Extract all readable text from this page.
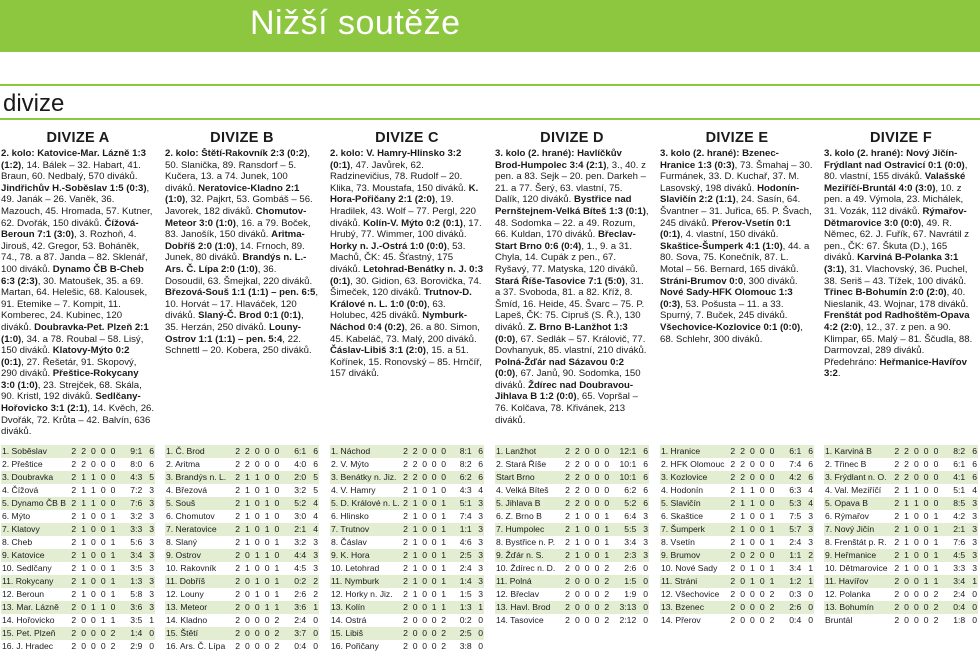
Nižší soutěže
divize
DIVIZE A
2. kolo: Katovice-Mar. Lázně 1:3 (1:2), 14. Bálek – 32. Habart, 41. Braun, 60. Nedbalý, 570 diváků. Jindřichův H.-Soběslav 1:5 (0:3), 49. Janák – 26. Vaněk, 36. Mazouch, 45. Hromada, 57. Kutner, 62. Dvořák, 150 diváků. Čížová-Beroun 7:1 (3:0), 3. Rozhoň, 4. Jirouš, 42. Gregor, 53. Boháněk, 74., 78. a 87. Janda – 82. Sklenář, 100 diváků. Dynamo ČB B-Cheb 6:3 (2:3), 30. Matoušek, 35. a 69. Martan, 64. Helešic, 68. Kalousek, 91. Etemike – 7. Kompit, 11. Komberec, 24. Kubinec, 120 diváků. Doubravka-Pet. Plzeň 2:1 (1:0), 34. a 78. Roubal – 58. Lisý, 150 diváků. Klatovy-Mýto 0:2 (0:1), 27. Řešetár, 91. Skopový, 290 diváků. Přeštice-Rokycany 3:0 (1:0), 23. Strejček, 68. Skála, 90. Kristl, 192 diváků. Sedlčany-Hořovicko 3:1 (2:1), 14. Kvěch, 26. Dvořák, 72. Krůta – 42. Balvín, 636 diváků.
1. Soběslav	2	2	0	0	0	9:1	6
2. Přeštice	2	2	0	0	0	8:0	6
3. Doubravka	2	1	1	0	0	4:3	5
4. Čížová	2	1	1	0	0	7:2	3
5. Dynamo ČB B	2	1	1	0	0	7:6	3
6. Mýto	2	1	0	0	1	3:2	3
7. Klatovy	2	1	0	0	1	3:3	3
8. Cheb	2	1	0	0	1	5:6	3
9. Katovice	2	1	0	0	1	3:4	3
10. Sedlčany	2	1	0	0	1	3:5	3
11. Rokycany	2	1	0	0	1	1:3	3
12. Beroun	2	1	0	0	1	5:8	3
13. Mar. Lázně	2	0	1	1	0	3:6	3
14. Hořovicko	2	0	0	1	1	3:5	1
15. Pet. Plzeň	2	0	0	0	2	1:4	0
16. J. Hradec	2	0	0	0	2	2:9	0
DIVIZE B
2. kolo: Štětí-Rakovník 2:3 (0:2), 50. Slanička, 89. Ransdorf – 5. Kučera, 13. a 74. Junek, 100 diváků. Neratovice-Kladno 2:1 (1:0), 32. Pajkrt, 53. Gombáš – 56. Javorek, 182 diváků. Chomutov-Meteor 3:0 (1:0), 16. a 79. Boček, 83. Janošík, 150 diváků. Aritma-Dobříš 2:0 (1:0), 14. Frnoch, 89. Junek, 80 diváků. Brandýs n. L.-Ars. Č. Lípa 2:0 (1:0), 36. Dosoudil, 63. Šmejkal, 220 diváků. Březová-Souš 1:1 (1:1) – pen. 6:5, 10. Horvát – 17. Hlaváček, 120 diváků. Slaný-Č. Brod 0:1 (0:1), 35. Herzán, 250 diváků. Louny-Ostrov 1:1 (1:1) – pen. 5:4, 22. Schnettl – 20. Kobera, 250 diváků.
1. Č. Brod	2	2	0	0	0	6:1	6
2. Aritma	2	2	0	0	0	4:0	6
3. Brandýs n. L.	2	1	1	0	0	2:0	5
4. Březová	2	1	0	1	0	3:2	5
5. Souš	2	1	0	1	0	5:2	4
6. Chomutov	2	1	0	1	0	3:0	4
7. Neratovice	2	1	0	1	0	2:1	4
8. Slaný	2	1	0	0	1	3:2	3
9. Ostrov	2	0	1	1	0	4:4	3
10. Rakovník	2	1	0	0	1	4:5	3
11. Dobříš	2	0	1	0	1	0:2	2
12. Louny	2	0	1	0	1	2:6	2
13. Meteor	2	0	0	1	1	3:6	1
14. Kladno	2	0	0	0	2	2:4	0
15. Štětí	2	0	0	0	2	3:7	0
16. Ars. Č. Lípa	2	0	0	0	2	0:4	0
DIVIZE C
2. kolo: V. Hamry-Hlinsko 3:2 (0:1), 47. Javůrek, 62. Radzinevičius, 78. Rudolf – 20. Klika, 73. Moustafa, 150 diváků. K. Hora-Pořičany 2:1 (2:0), 19. Hradilek, 43. Wolf – 77. Pergl, 220 diváků. Kolín-V. Mýto 0:2 (0:1), 17. Hrubý, 77. Wimmer, 100 diváků. Horky n. J.-Ostrá 1:0 (0:0), 53. Machů, ČK: 45. Šťastný, 175 diváků. Letohrad-Benátky n. J. 0:3 (0:1), 30. Gidion, 63. Borovička, 74. Šimeček, 120 diváků. Trutnov-D. Králové n. L. 1:0 (0:0), 63. Holubec, 425 diváků. Nymburk-Náchod 0:4 (0:2), 26. a 80. Simon, 45. Kabeláč, 73. Malý, 200 diváků. Čáslav-Libiš 3:1 (2:0), 15. a 51. Kořínek, 15. Ronovský – 85. Hrnčíř, 157 diváků.
1. Náchod	2	2	0	0	0	8:1	6
2. V. Mýto	2	2	0	0	0	8:2	6
3. Benátky n. Jiz.	2	2	0	0	0	6:2	6
4. V. Hamry	2	1	0	1	0	4:3	4
5. D. Králové n. L.	2	1	0	0	1	5:1	3
6. Hlinsko	2	1	0	0	1	7:4	3
7. Trutnov	2	1	0	0	1	1:1	3
8. Čáslav	2	1	0	0	1	4:6	3
9. K. Hora	2	1	0	0	1	2:5	3
10. Letohrad	2	1	0	0	1	2:4	3
11. Nymburk	2	1	0	0	1	1:4	3
12. Horky n. Jiz.	2	1	0	0	1	1:5	3
13. Kolín	2	0	0	1	1	1:3	1
14. Ostrá	2	0	0	0	2	0:2	0
15. Libiš	2	0	0	0	2	2:5	0
16. Pořičany	2	0	0	0	2	3:8	0
DIVIZE D
3. kolo (2. hrané): Havlíčkův Brod-Humpolec 3:4 (2:1), 3., 40. z pen. a 83. Sejk – 20. pen. Darkeh – 21. a 77. Šerý, 63. vlastní, 75. Dalík, 120 diváků. Bystřice nad Pernštejnem-Velká Bíteš 1:3 (0:1), 48. Sodomka – 22. a 49. Rozum, 66. Kuldan, 170 diváků. Břeclav-Start Brno 0:6 (0:4), 1., 9. a 31. Chyla, 14. Cupák z pen., 67. Ryšavý, 77. Matyska, 120 diváků. Stará Říše-Tasovice 7:1 (5:0), 31. a 37. Svoboda, 81. a 82. Kříž, 8. Šmíd, 16. Heide, 45. Švarc – 75. P. Lapeš, ČK: 75. Cipruš (S. Ř.), 130 diváků. Z. Brno B-Lanžhot 1:3 (0:0), 67. Sedlák – 57. Královič, 77. Dovhanyuk, 85. vlastní, 210 diváků. Polná-Žďár nad Sázavou 0:2 (0:0), 67. Janů, 90. Sodomka, 150 diváků. Ždírec nad Doubravou-Jihlava B 1:2 (0:0), 65. Vopršal – 76. Kolčava, 78. Křivánek, 213 diváků.
1. Lanžhot	2	2	0	0	0	12:1	6
2. Stará Říše	2	2	0	0	0	10:1	6
Start Brno	2	2	0	0	0	10:1	6
4. Velká Bíteš	2	2	0	0	0	6:2	6
5. Jihlava B	2	2	0	0	0	5:2	6
6. Z. Brno B	2	1	0	0	1	6:4	3
7. Humpolec	2	1	0	0	1	5:5	3
8. Bystřice n. P.	2	1	0	0	1	3:4	3
9. Žďár n. S.	2	1	0	0	1	2:3	3
10. Ždírec n. D.	2	0	0	0	2	2:6	0
11. Polná	2	0	0	0	2	1:5	0
12. Břeclav	2	0	0	0	2	1:9	0
13. Havl. Brod	2	0	0	0	2	3:13	0
14. Tasovice	2	0	0	0	2	2:12	0
DIVIZE E
3. kolo (2. hrané): Bzenec-Hranice 1:3 (0:3), 73. Šmahaj – 30. Furmánek, 33. D. Kuchař, 37. M. Lasovský, 198 diváků. Hodonín-Slavičín 2:2 (1:1), 24. Sasín, 64. Švantner – 31. Juřica, 65. P. Švach, 245 diváků. Přerov-Vsetín 0:1 (0:1), 4. vlastní, 150 diváků. Skaštice-Šumperk 4:1 (1:0), 44. a 80. Sova, 75. Konečník, 87. L. Motal – 56. Bernard, 165 diváků. Stráni-Brumov 0:0, 300 diváků. Nové Sady-HFK Olomouc 1:3 (0:3), 53. Pošusta – 11. a 33. Spurný, 7. Buček, 245 diváků. Všechovice-Kozlovice 0:1 (0:0), 68. Schlehr, 300 diváků.
1. Hranice	2	2	0	0	0	6:1	6
2. HFK Olomouc	2	2	0	0	0	7:4	6
3. Kozlovice	2	2	0	0	0	4:2	6
4. Hodonín	2	1	1	0	0	6:3	4
5. Slavičín	2	1	1	0	0	5:3	4
6. Skaštice	2	1	0	0	1	7:5	3
7. Šumperk	2	1	0	0	1	5:7	3
8. Vsetín	2	1	0	0	1	2:4	3
9. Brumov	2	0	2	0	0	1:1	2
10. Nové Sady	2	0	1	0	1	3:4	1
11. Stráni	2	0	1	0	1	1:2	1
12. Všechovice	2	0	0	0	2	0:3	0
13. Bzenec	2	0	0	0	2	2:6	0
14. Přerov	2	0	0	0	2	0:4	0
DIVIZE F
3. kolo (2. hrané): Nový Jičín-Frýdlant nad Ostravicí 0:1 (0:0), 80. vlastní, 155 diváků. Valašské Meziříčí-Bruntál 4:0 (3:0), 10. z pen. a 49. Výmola, 23. Michálek, 31. Vozák, 112 diváků. Rýmařov-Dětmarovice 3:0 (0:0), 49. R. Němec, 62. J. Fuřík, 67. Navrátil z pen., ČK: 67. Škuta (D.), 165 diváků. Karviná B-Polanka 3:1 (3:1), 31. Vlachovský, 36. Puchel, 38. Seriš – 43. Tížek, 100 diváků. Třinec B-Bohumín 2:0 (2:0), 40. Nieslanik, 43. Wojnar, 178 diváků. Frenštát pod Radhoštěm-Opava 4:2 (2:0), 12., 37. z pen. a 90. Klimpar, 65. Malý – 81. Ščudla, 88. Darmovzal, 289 diváků. Předehráno: Heřmanice-Havířov 3:2.
1. Karviná B	2	2	0	0	0	8:2	6
2. Třinec B	2	2	0	0	0	6:1	6
3. Frýdlant n. O.	2	2	0	0	0	4:1	6
4. Val. Meziříčí	2	1	1	0	0	5:1	4
5. Opava B	2	1	1	0	0	8:5	3
6. Rýmařov	2	1	0	0	1	4:2	3
7. Nový Jičín	2	1	0	0	1	2:1	3
8. Frenštát p. R.	2	1	0	0	1	7:6	3
9. Heřmanice	2	1	0	0	1	4:5	3
10. Dětmarovice	2	1	0	0	1	3:3	3
11. Havířov	2	0	0	1	1	3:4	1
12. Polanka	2	0	0	0	2	2:4	0
13. Bohumín	2	0	0	0	2	0:4	0
Bruntál	2	0	0	0	2	1:8	0
